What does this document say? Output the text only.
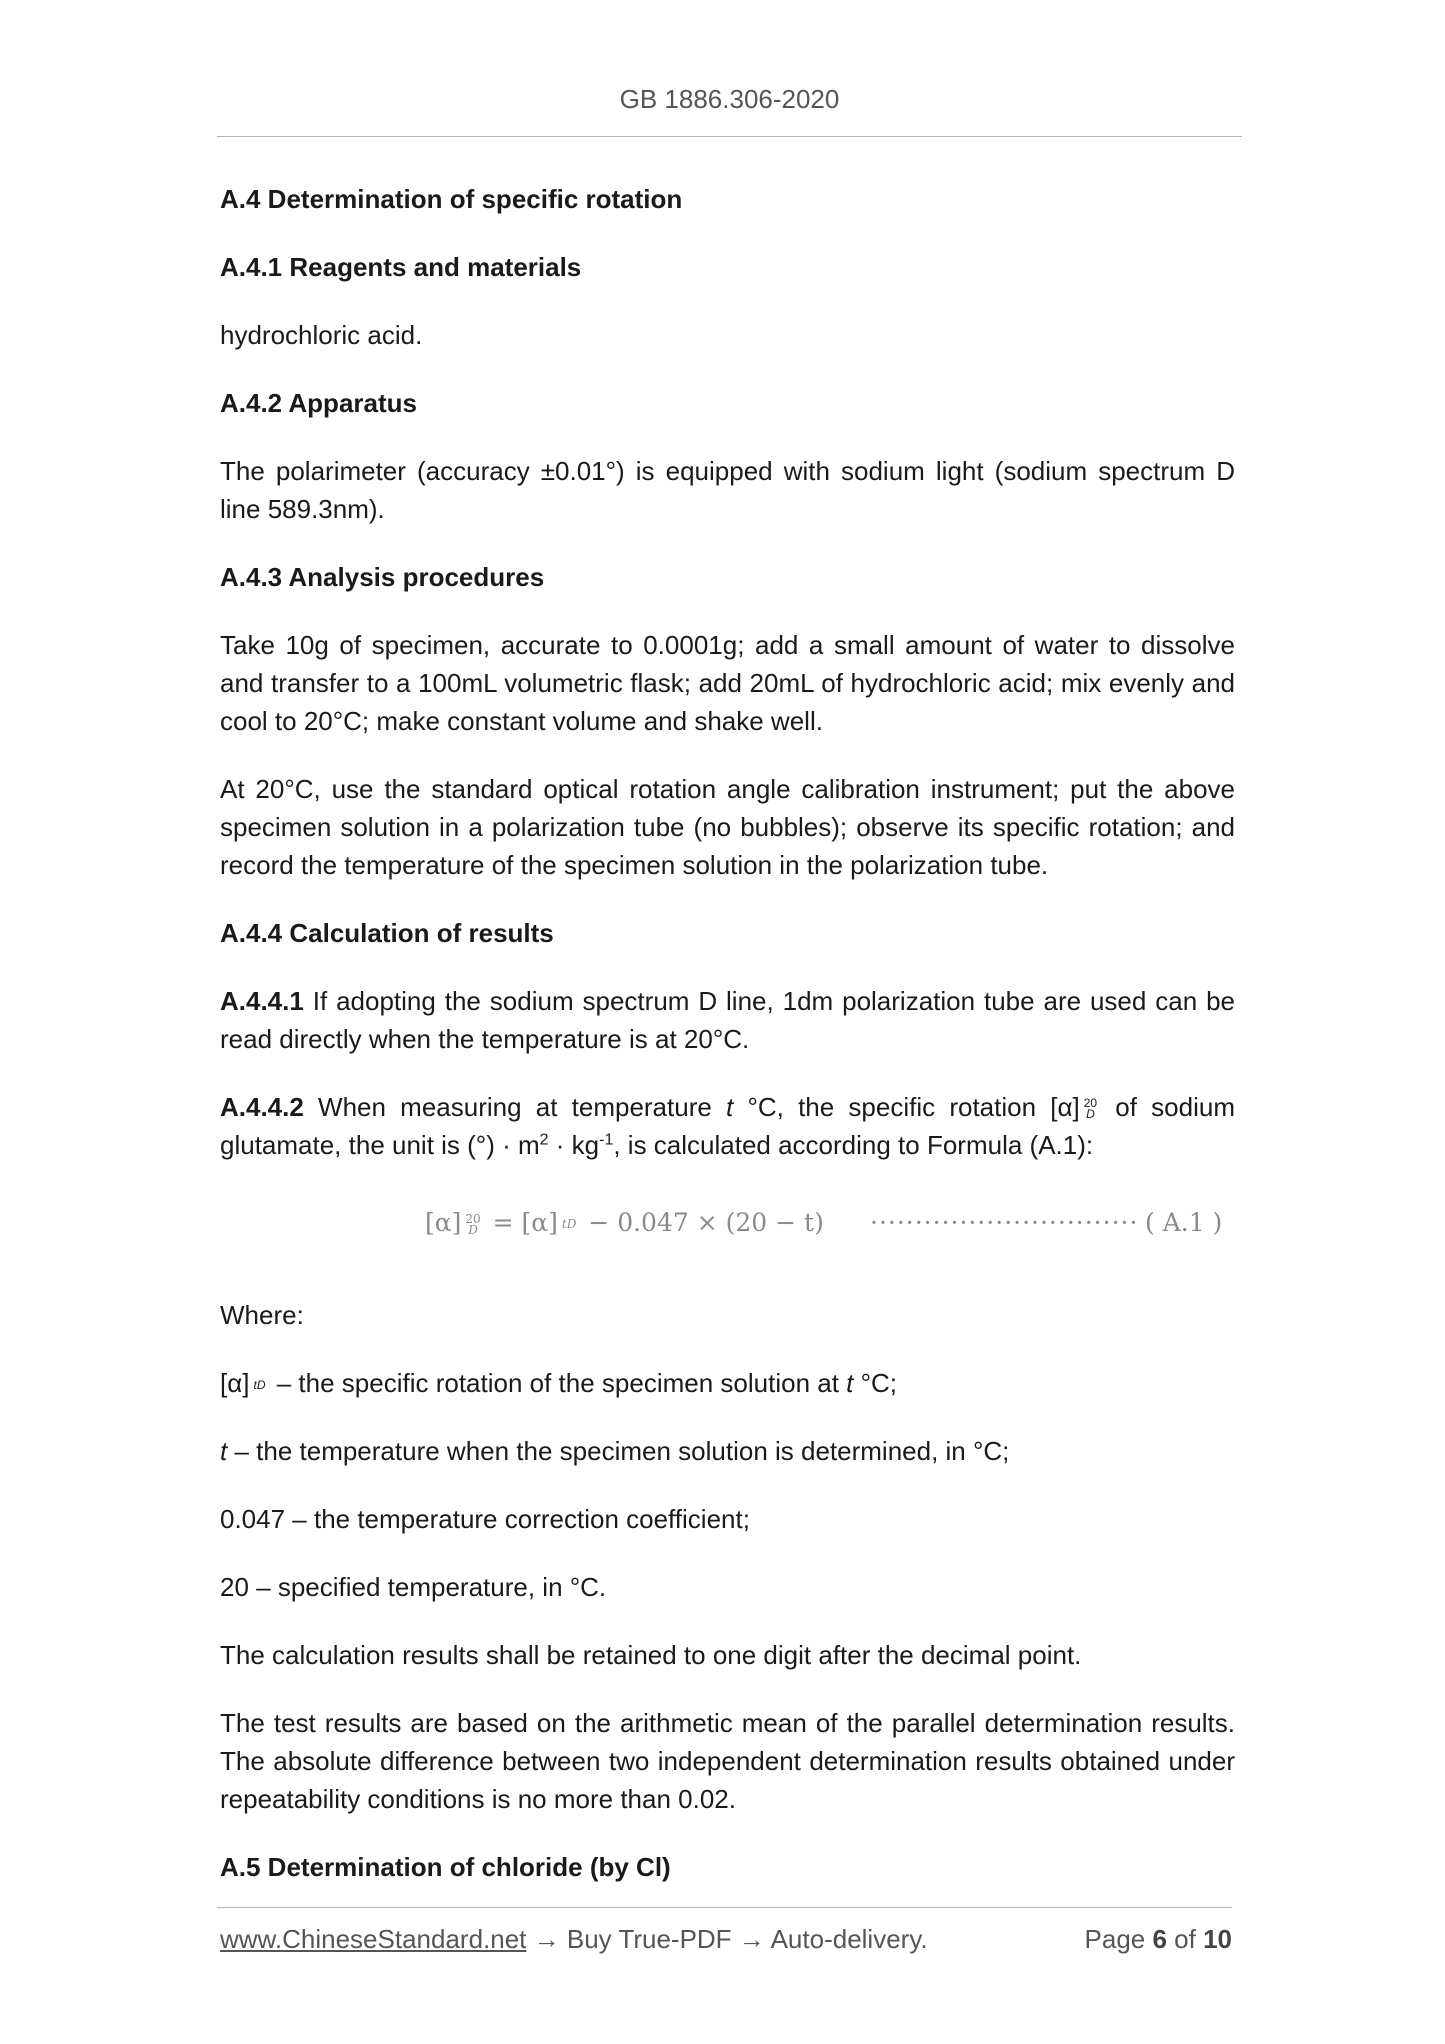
GB 1886.306-2020

A.4 Determination of specific rotation

A.4.1 Reagents and materials

hydrochloric acid.

A.4.2 Apparatus

The polarimeter (accuracy ±0.01°) is equipped with sodium light (sodium spectrum D line 589.3nm).

A.4.3 Analysis procedures

Take 10g of specimen, accurate to 0.0001g; add a small amount of water to dissolve and transfer to a 100mL volumetric flask; add 20mL of hydrochloric acid; mix evenly and cool to 20°C; make constant volume and shake well.

At 20°C, use the standard optical rotation angle calibration instrument; put the above specimen solution in a polarization tube (no bubbles); observe its specific rotation; and record the temperature of the specimen solution in the polarization tube.

A.4.4 Calculation of results

A.4.4.1 If adopting the sodium spectrum D line, 1dm polarization tube are used can be read directly when the temperature is at 20°C.

A.4.4.2 When measuring at temperature t °C, the specific rotation [α] 20
D of sodium glutamate, the unit is (°) · $m^2 \cdot kg^{-1}$, is calculated according to Formula (A.1):

[α] 20
D = [α] tD − 0.047 × (20 − t) ······························ ( A.1 )

Where:

[α] tD – the specific rotation of the specimen solution at t °C;

t – the temperature when the specimen solution is determined, in °C;

0.047 – the temperature correction coefficient;

20 – specified temperature, in °C.

The calculation results shall be retained to one digit after the decimal point.

The test results are based on the arithmetic mean of the parallel determination results. The absolute difference between two independent determination results obtained under repeatability conditions is no more than 0.02.

A.5 Determination of chloride (by Cl)

www.ChineseStandard.net → Buy True-PDF → Auto-delivery.	Page 6 of 10
